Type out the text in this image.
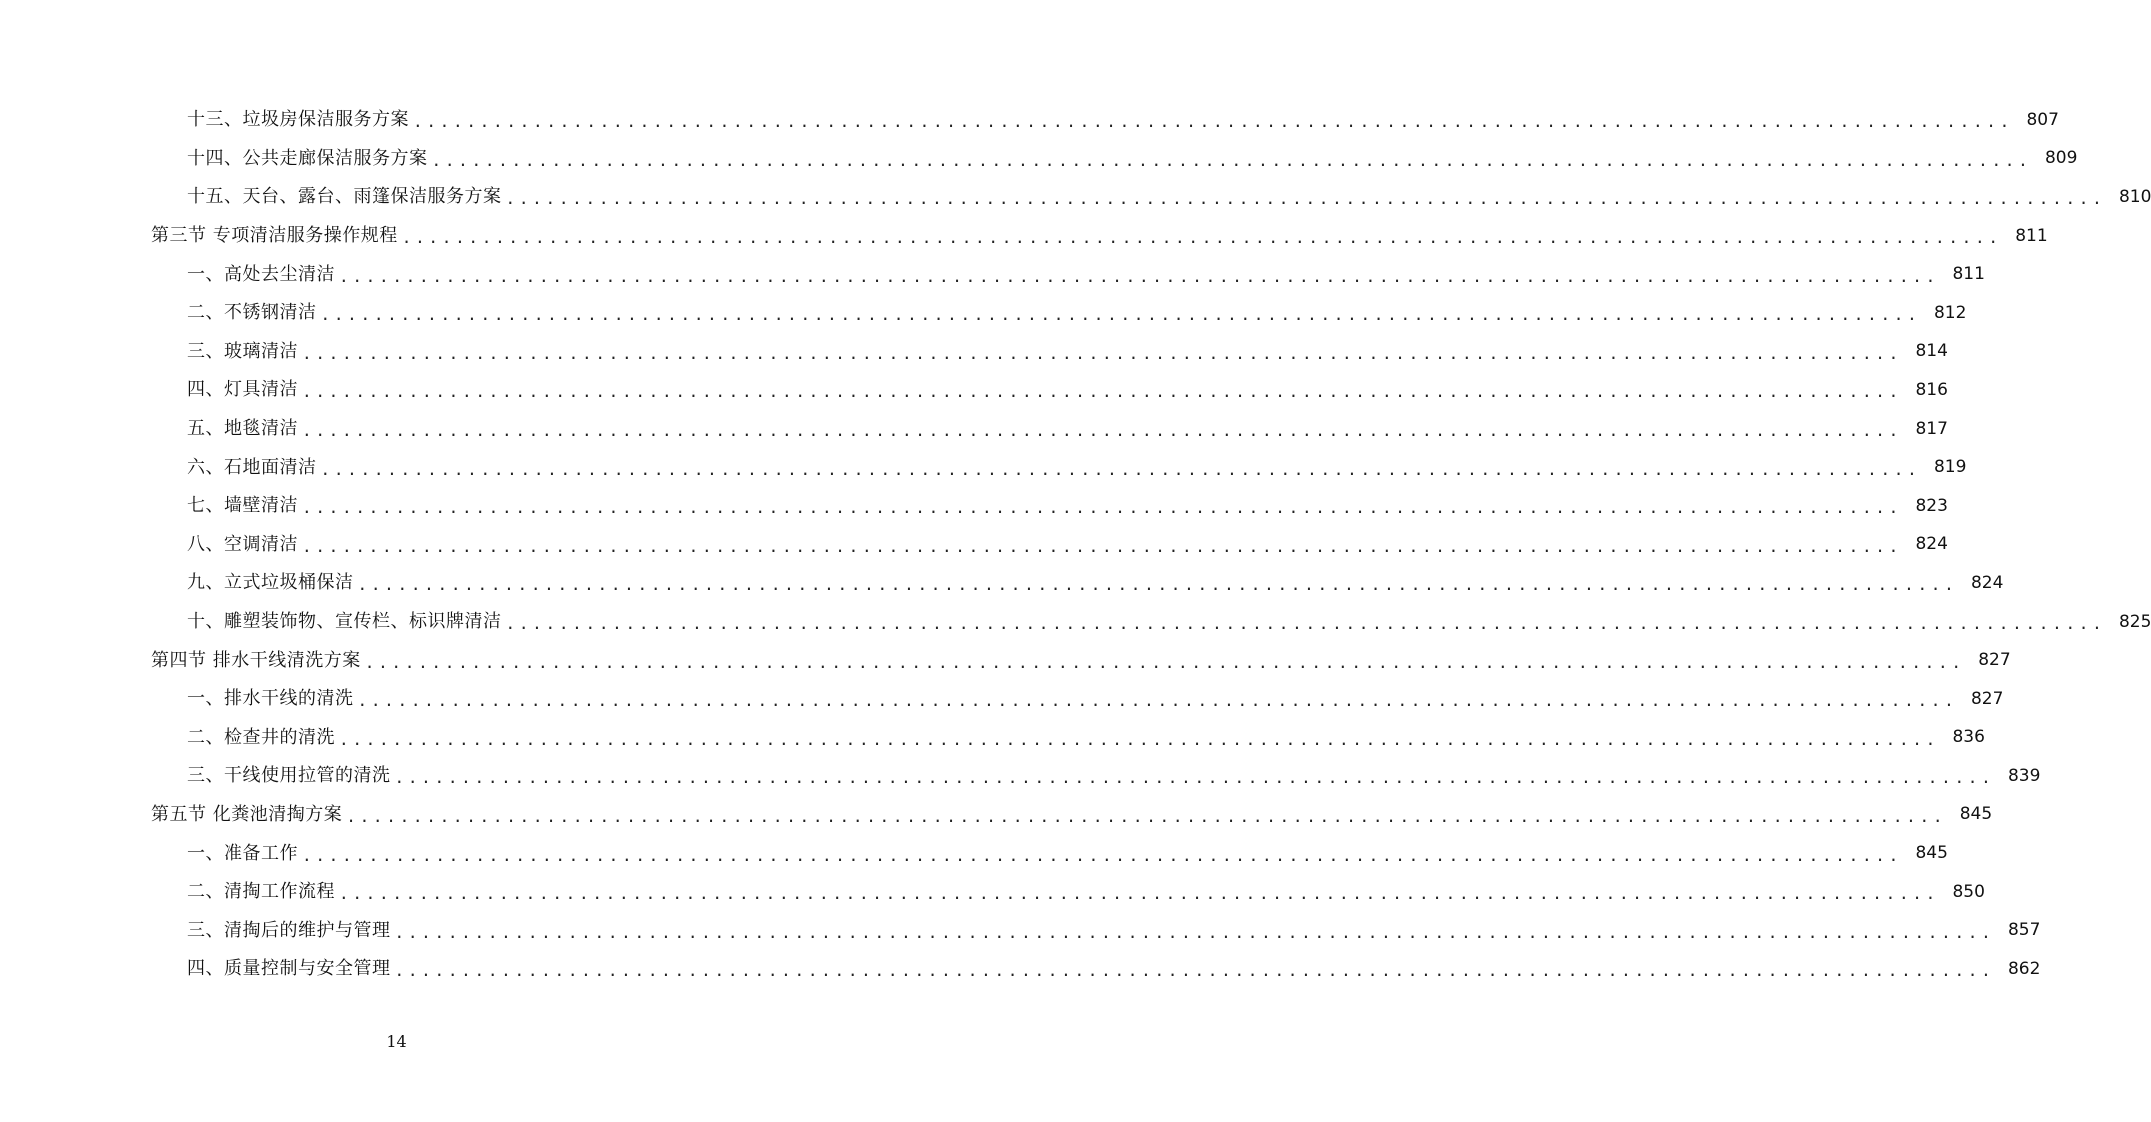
十三、垃圾房保洁服务方案 ........................................................................................................................ 807
十四、公共走廊保洁服务方案 ........................................................................................................................ 809
十五、天台、露台、雨篷保洁服务方案 ........................................................................................................................ 810
第三节 专项清洁服务操作规程 ........................................................................................................................ 811
一、高处去尘清洁 ........................................................................................................................ 811
二、不锈钢清洁 ........................................................................................................................ 812
三、玻璃清洁 ........................................................................................................................ 814
四、灯具清洁 ........................................................................................................................ 816
五、地毯清洁 ........................................................................................................................ 817
六、石地面清洁 ........................................................................................................................ 819
七、墙壁清洁 ........................................................................................................................ 823
八、空调清洁 ........................................................................................................................ 824
九、立式垃圾桶保洁 ........................................................................................................................ 824
十、雕塑装饰物、宣传栏、标识牌清洁 ........................................................................................................................ 825
第四节 排水干线清洗方案 ........................................................................................................................ 827
一、排水干线的清洗 ........................................................................................................................ 827
二、检查井的清洗 ........................................................................................................................ 836
三、干线使用拉管的清洗 ........................................................................................................................ 839
第五节 化粪池清掏方案 ........................................................................................................................ 845
一、准备工作 ........................................................................................................................ 845
二、清掏工作流程 ........................................................................................................................ 850
三、清掏后的维护与管理 ........................................................................................................................ 857
四、质量控制与安全管理 ........................................................................................................................ 862
14
